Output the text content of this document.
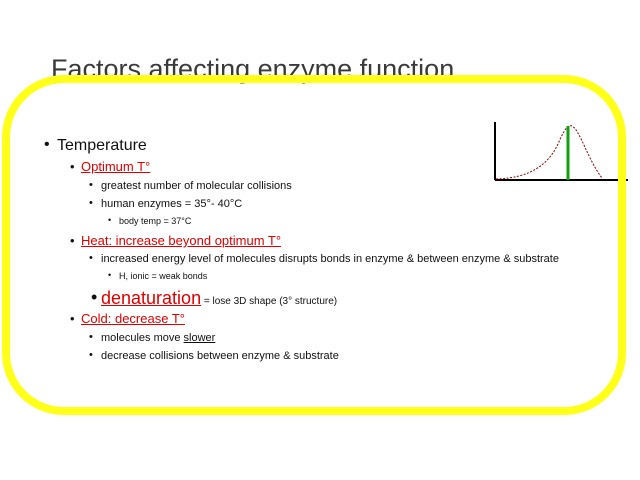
Factors affecting enzyme function
• Temperature
• Optimum T°
• greatest number of molecular collisions
• human enzymes = 35°- 40°C
• body temp = 37°C
• Heat: increase beyond optimum T°
• increased energy level of molecules disrupts bonds in enzyme & between enzyme & substrate
• H, ionic = weak bonds
• denaturation = lose 3D shape (3° structure)
• Cold: decrease T°
• molecules move slower
• decrease collisions between enzyme & substrate
